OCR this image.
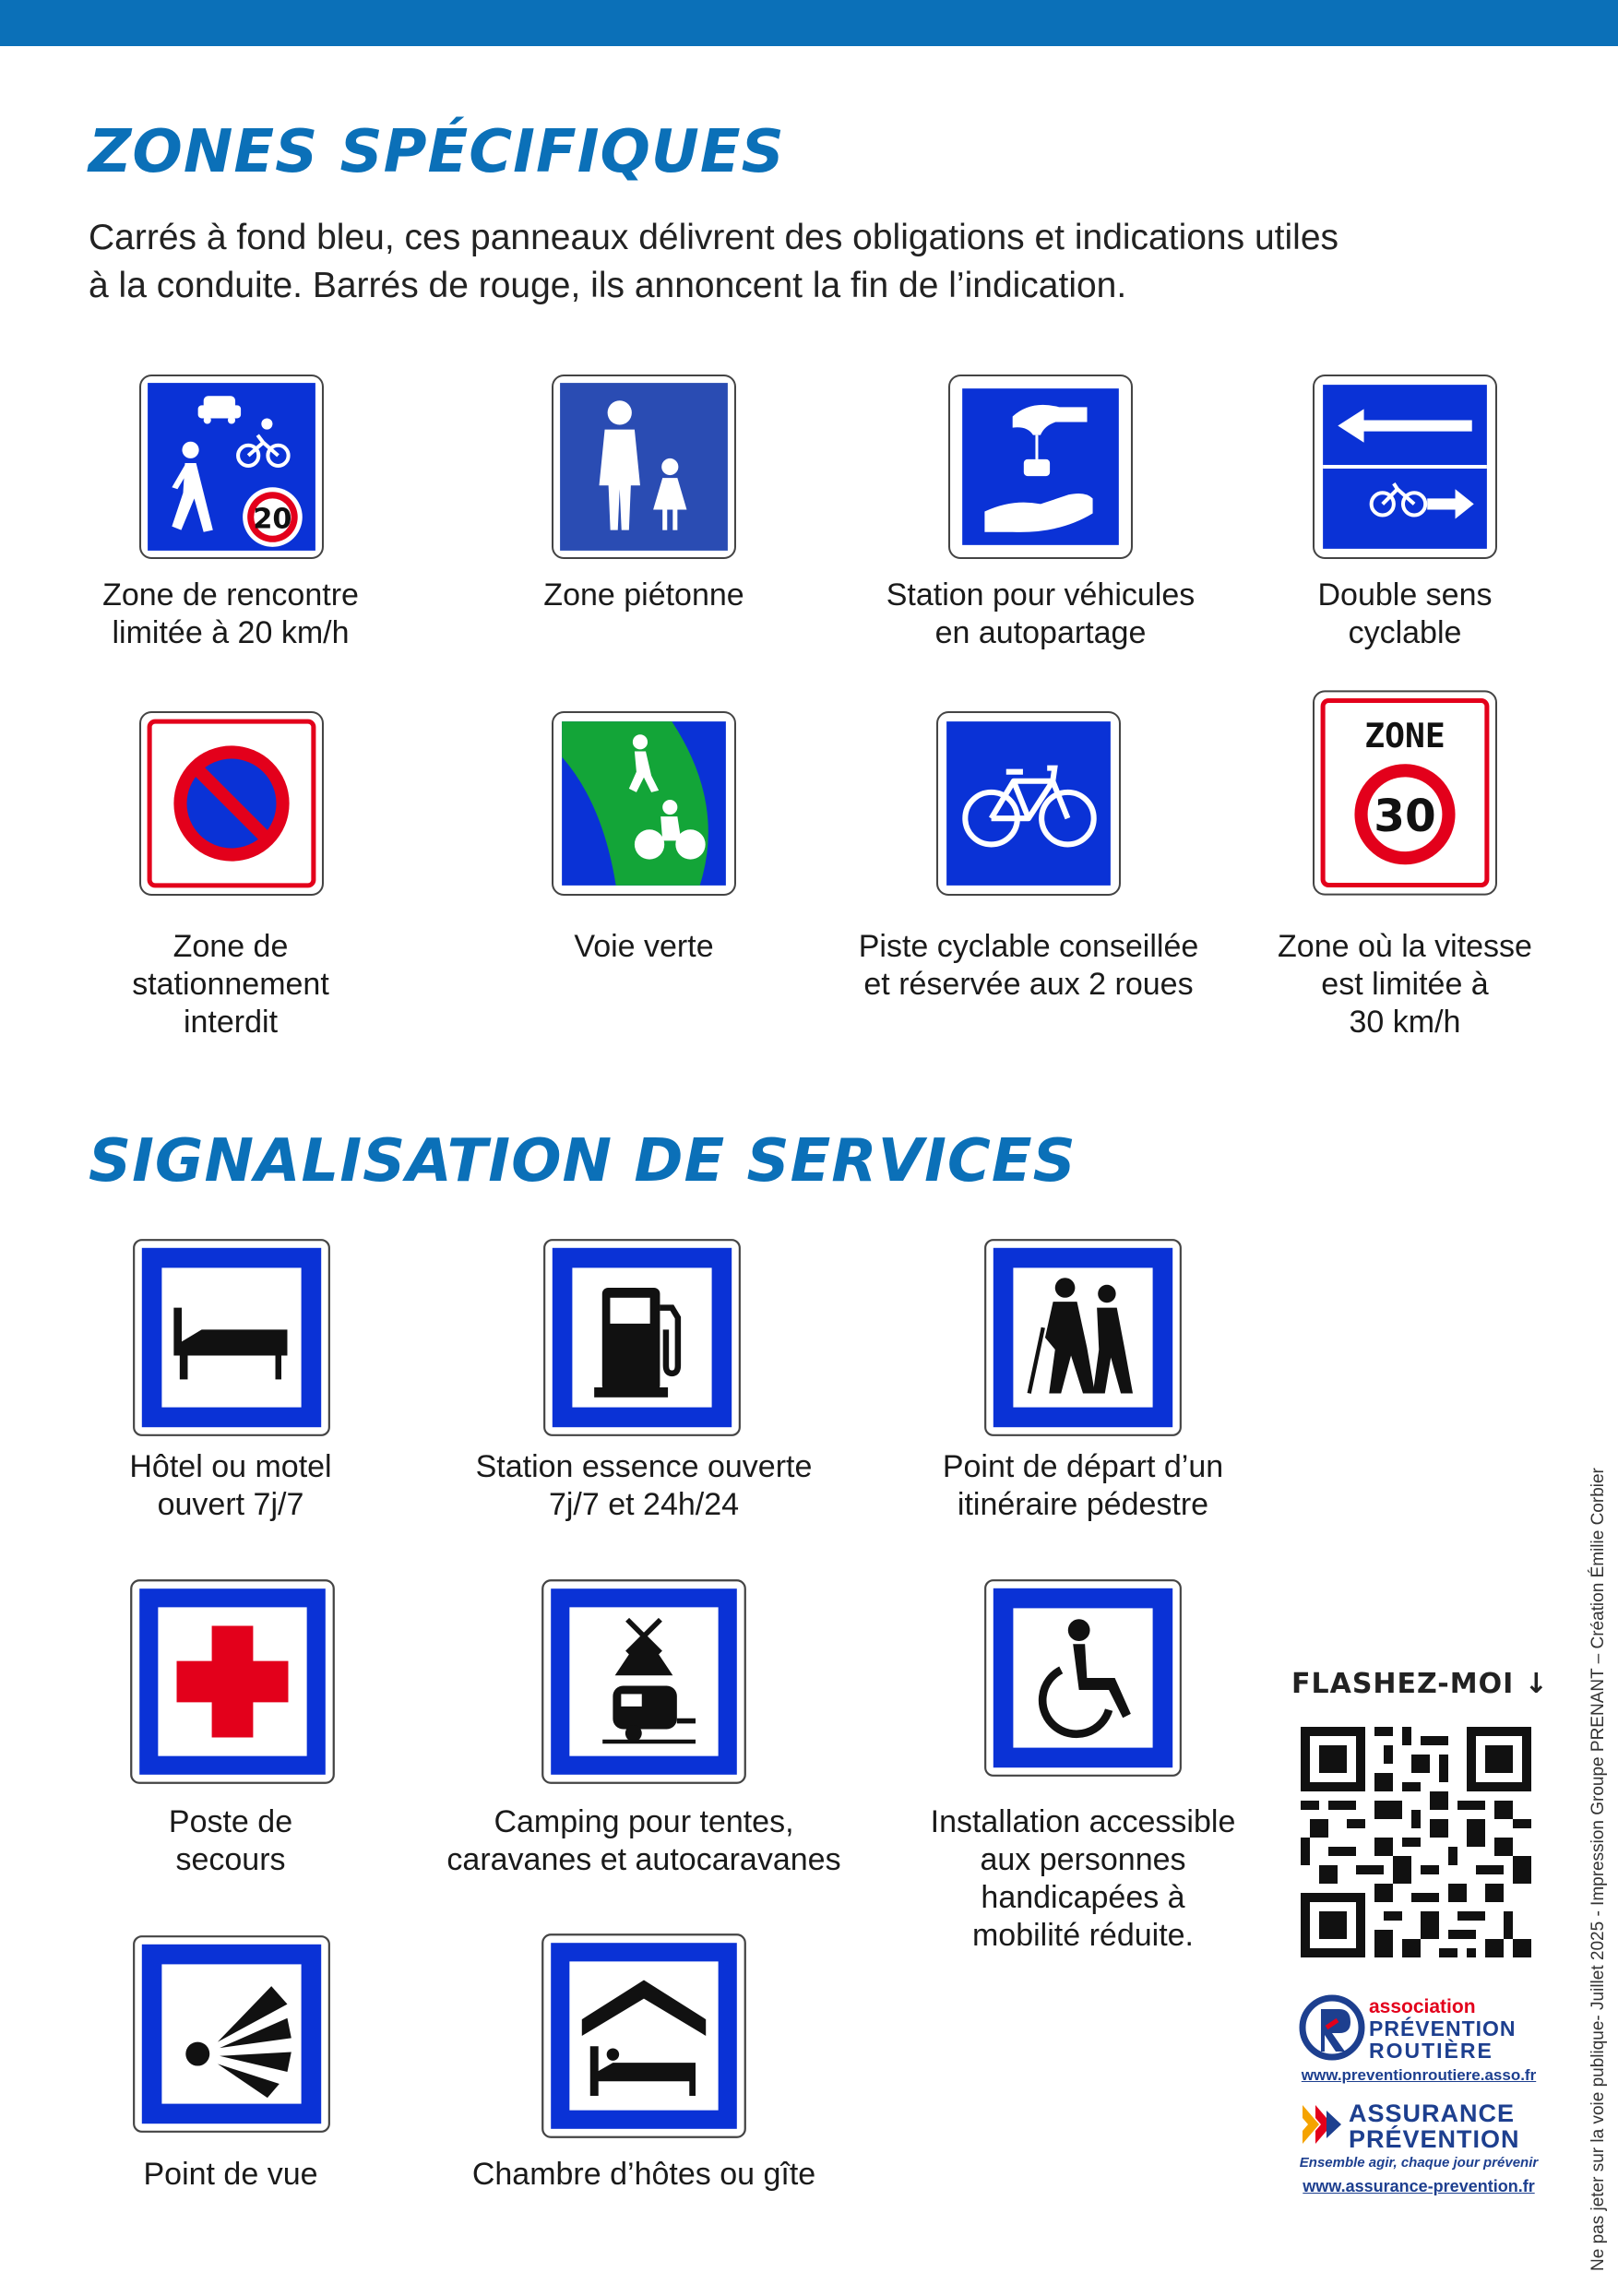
ZONES SPÉCIFIQUES
Carrés à fond bleu, ces panneaux délivrent des obligations et indications utiles
à la conduite. Barrés de rouge, ils annoncent la fin de l’indication.
20
Zone de rencontre
limitée à 20 km/h
Zone piétonne	Station pour véhicules
en autopartage
Double sens
cyclable
ZONE
30
Zone de
stationnement
interdit
Voie verte	Piste cyclable conseillée
et réservée aux 2 roues
Zone où la vitesse
est limitée à
30 km/h
SIGNALISATION DE SERVICES
Hôtel ou motel
ouvert 7j/7
Station essence ouverte
7j/7 et 24h/24
Point de départ d’un
itinéraire pédestre
Poste de
secours
Camping pour tentes,
caravanes et autocaravanes
Installation accessible
aux personnes
handicapées à
mobilité réduite.
Point de vue	Chambre d’hôtes ou gîte
FLASHEZ-MOI ↓
association
PRÉVENTION
ROUTIÈRE
www.preventionroutiere.asso.fr
ASSURANCE
PRÉVENTION
Ensemble agir, chaque jour prévenir
www.assurance-prevention.fr	Ne pas jeter sur la voie publique- Juillet 2025 - Impression Groupe PRENANT – Création Émilie Corbier
